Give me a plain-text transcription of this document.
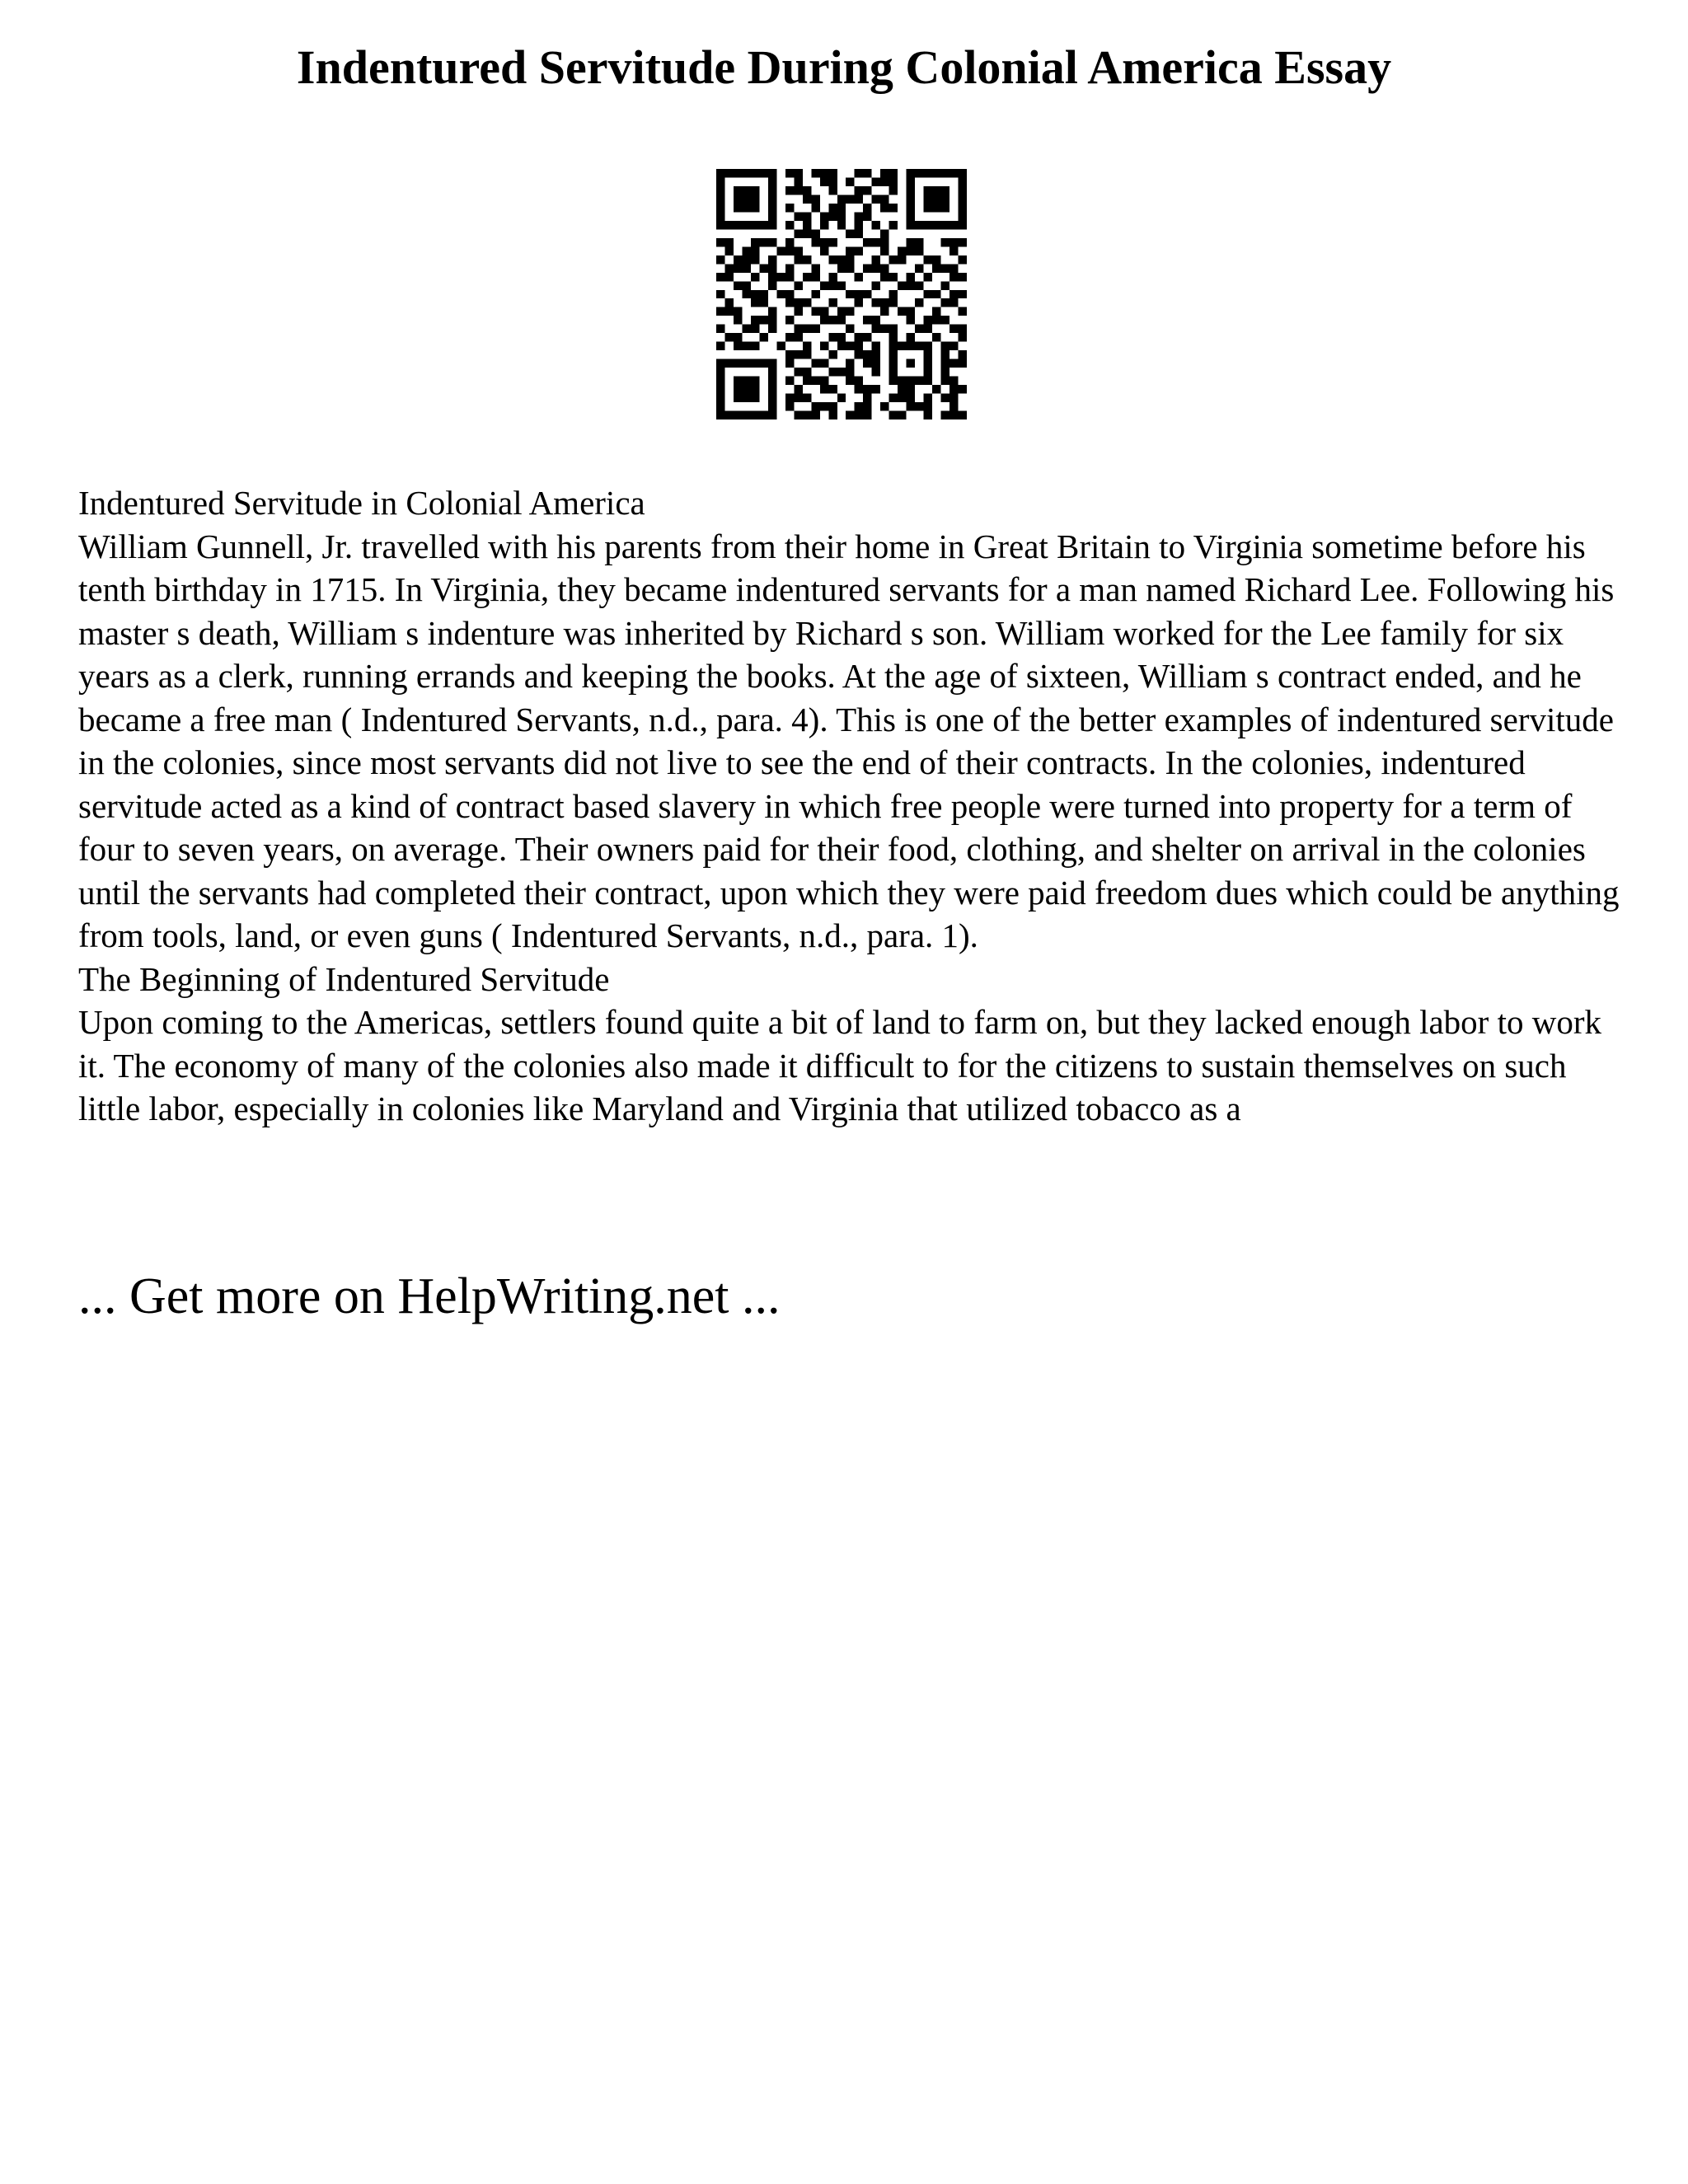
Indentured Servitude During Colonial America Essay

Indentured Servitude in Colonial America

William Gunnell, Jr. travelled with his parents from their home in Great Britain to Virginia sometime before his tenth birthday in 1715. In Virginia, they became indentured servants for a man named Richard Lee. Following his master s death, William s indenture was inherited by Richard s son. William worked for the Lee family for six years as a clerk, running errands and keeping the books. At the age of sixteen, William s contract ended, and he became a free man ( Indentured Servants, n.d., para. 4). This is one of the better examples of indentured servitude in the colonies, since most servants did not live to see the end of their contracts. In the colonies, indentured servitude acted as a kind of contract based slavery in which free people were turned into property for a term of four to seven years, on average. Their owners paid for their food, clothing, and shelter on arrival in the colonies until the servants had completed their contract, upon which they were paid freedom dues which could be anything from tools, land, or even guns ( Indentured Servants, n.d., para. 1).

The Beginning of Indentured Servitude

Upon coming to the Americas, settlers found quite a bit of land to farm on, but they lacked enough labor to work it. The economy of many of the colonies also made it difficult to for the citizens to sustain themselves on such little labor, especially in colonies like Maryland and Virginia that utilized tobacco as a

... Get more on HelpWriting.net ...
